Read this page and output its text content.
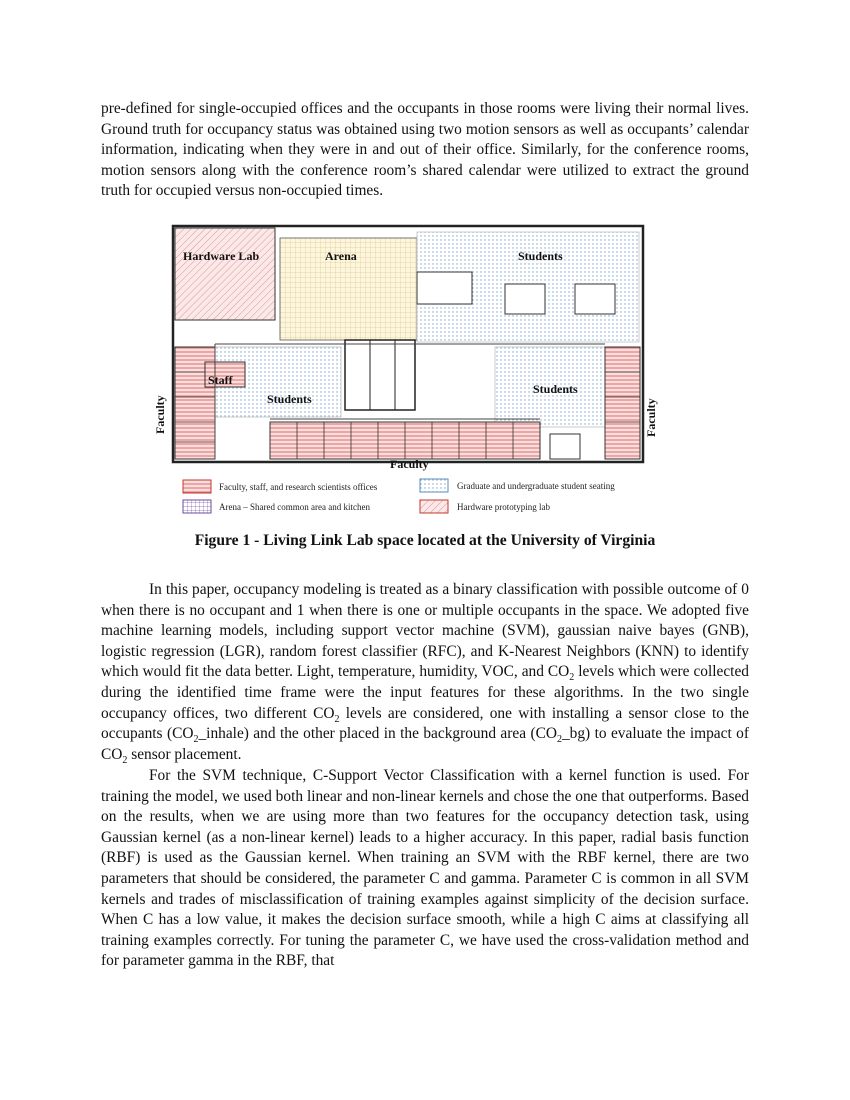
pre-defined for single-occupied offices and the occupants in those rooms were living their normal lives. Ground truth for occupancy status was obtained using two motion sensors as well as occupants’ calendar information, indicating when they were in and out of their office. Similarly, for the conference rooms, motion sensors along with the conference room’s shared calendar were utilized to extract the ground truth for occupied versus non-occupied times.

Hardware Lab	Arena	Students
Staff
Students
Students
Faculty	Faculty
Faculty
Faculty, staff, and research scientists offices
Arena – Shared common area and kitchen
Graduate and undergraduate student seating
Hardware prototyping lab

Figure 1 - Living Link Lab space located at the University of Virginia

In this paper, occupancy modeling is treated as a binary classification with possible outcome of 0 when there is no occupant and 1 when there is one or multiple occupants in the space. We adopted five machine learning models, including support vector machine (SVM), gaussian naive bayes (GNB), logistic regression (LGR), random forest classifier (RFC), and K-Nearest Neighbors (KNN) to identify which would fit the data better. Light, temperature, humidity, VOC, and $CO_2$ levels which were collected during the identified time frame were the input features for these algorithms. In the two single occupancy offices, two different $CO_2$ levels are considered, one with installing a sensor close to the occupants $(CO_2\_inhale)$ and the other placed in the background area $(CO_2\_bg)$ to evaluate the impact of $CO_2$ sensor placement.

For the SVM technique, C-Support Vector Classification with a kernel function is used. For training the model, we used both linear and non-linear kernels and chose the one that outperforms. Based on the results, when we are using more than two features for the occupancy detection task, using Gaussian kernel (as a non-linear kernel) leads to a higher accuracy. In this paper, radial basis function (RBF) is used as the Gaussian kernel. When training an SVM with the RBF kernel, there are two parameters that should be considered, the parameter C and gamma. Parameter C is common in all SVM kernels and trades of misclassification of training examples against simplicity of the decision surface. When C has a low value, it makes the decision surface smooth, while a high C aims at classifying all training examples correctly. For tuning the parameter C, we have used the cross-validation method and for parameter gamma in the RBF, that
